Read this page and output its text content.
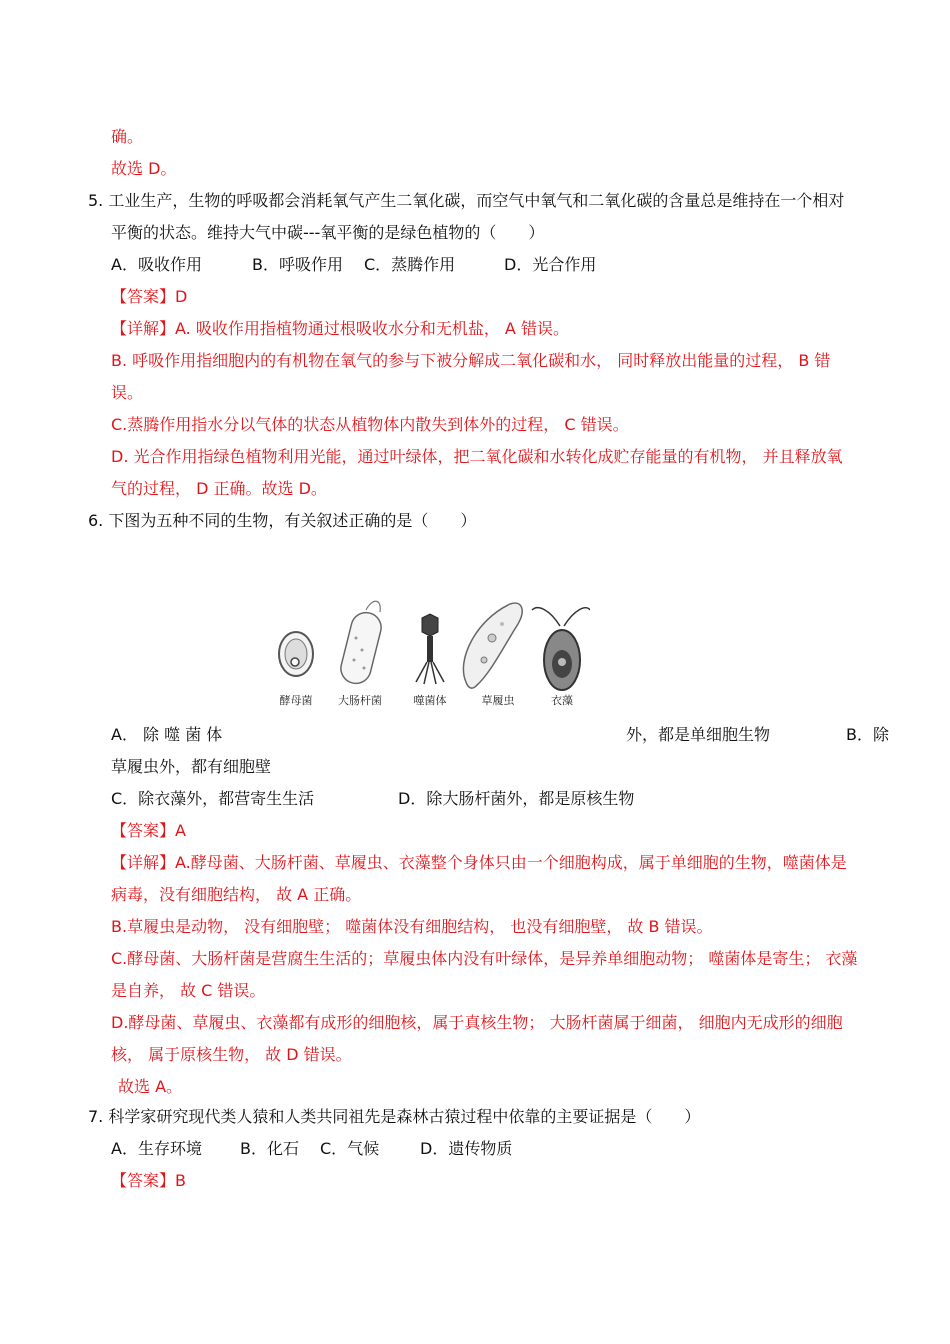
确。
故选 D。
5. 工业生产，生物的呼吸都会消耗氧气产生二氧化碳，而空气中氧气和二氧化碳的含量总是维持在一个相对
平衡的状态。维持大气中碳---氧平衡的是绿色植物的（　　）
A．吸收作用	B．呼吸作用 C．蒸腾作用	D．光合作用
【答案】D
【详解】A. 吸收作用指植物通过根吸收水分和无机盐， A 错误。
B. 呼吸作用指细胞内的有机物在氧气的参与下被分解成二氧化碳和水， 同时释放出能量的过程， B 错
误。
C.蒸腾作用指水分以气体的状态从植物体内散失到体外的过程， C 错误。
D. 光合作用指绿色植物利用光能，通过叶绿体，把二氧化碳和水转化成贮存能量的有机物， 并且释放氧
气的过程， D 正确。故选 D。
6. 下图为五种不同的生物，有关叙述正确的是（　　）
酵母菌 大肠杆菌	噬菌体	草履虫	衣藻
A． 除 噬 菌 体	外，都是单细胞生物	B．除
草履虫外，都有细胞壁
C．除衣藻外，都营寄生生活	D．除大肠杆菌外，都是原核生物
【答案】A
【详解】A.酵母菌、大肠杆菌、草履虫、衣藻整个身体只由一个细胞构成，属于单细胞的生物，噬菌体是
病毒，没有细胞结构， 故 A 正确。
B.草履虫是动物， 没有细胞壁； 噬菌体没有细胞结构， 也没有细胞壁， 故 B 错误。
C.酵母菌、大肠杆菌是营腐生生活的；草履虫体内没有叶绿体，是异养单细胞动物； 噬菌体是寄生； 衣藻
是自养， 故 C 错误。
D.酵母菌、草履虫、衣藻都有成形的细胞核，属于真核生物； 大肠杆菌属于细菌， 细胞内无成形的细胞
核， 属于原核生物， 故 D 错误。
故选 A。
7. 科学家研究现代类人猿和人类共同祖先是森林古猿过程中依靠的主要证据是（　　）
A．生存环境 B．化石 C．气候	D．遗传物质
【答案】B
